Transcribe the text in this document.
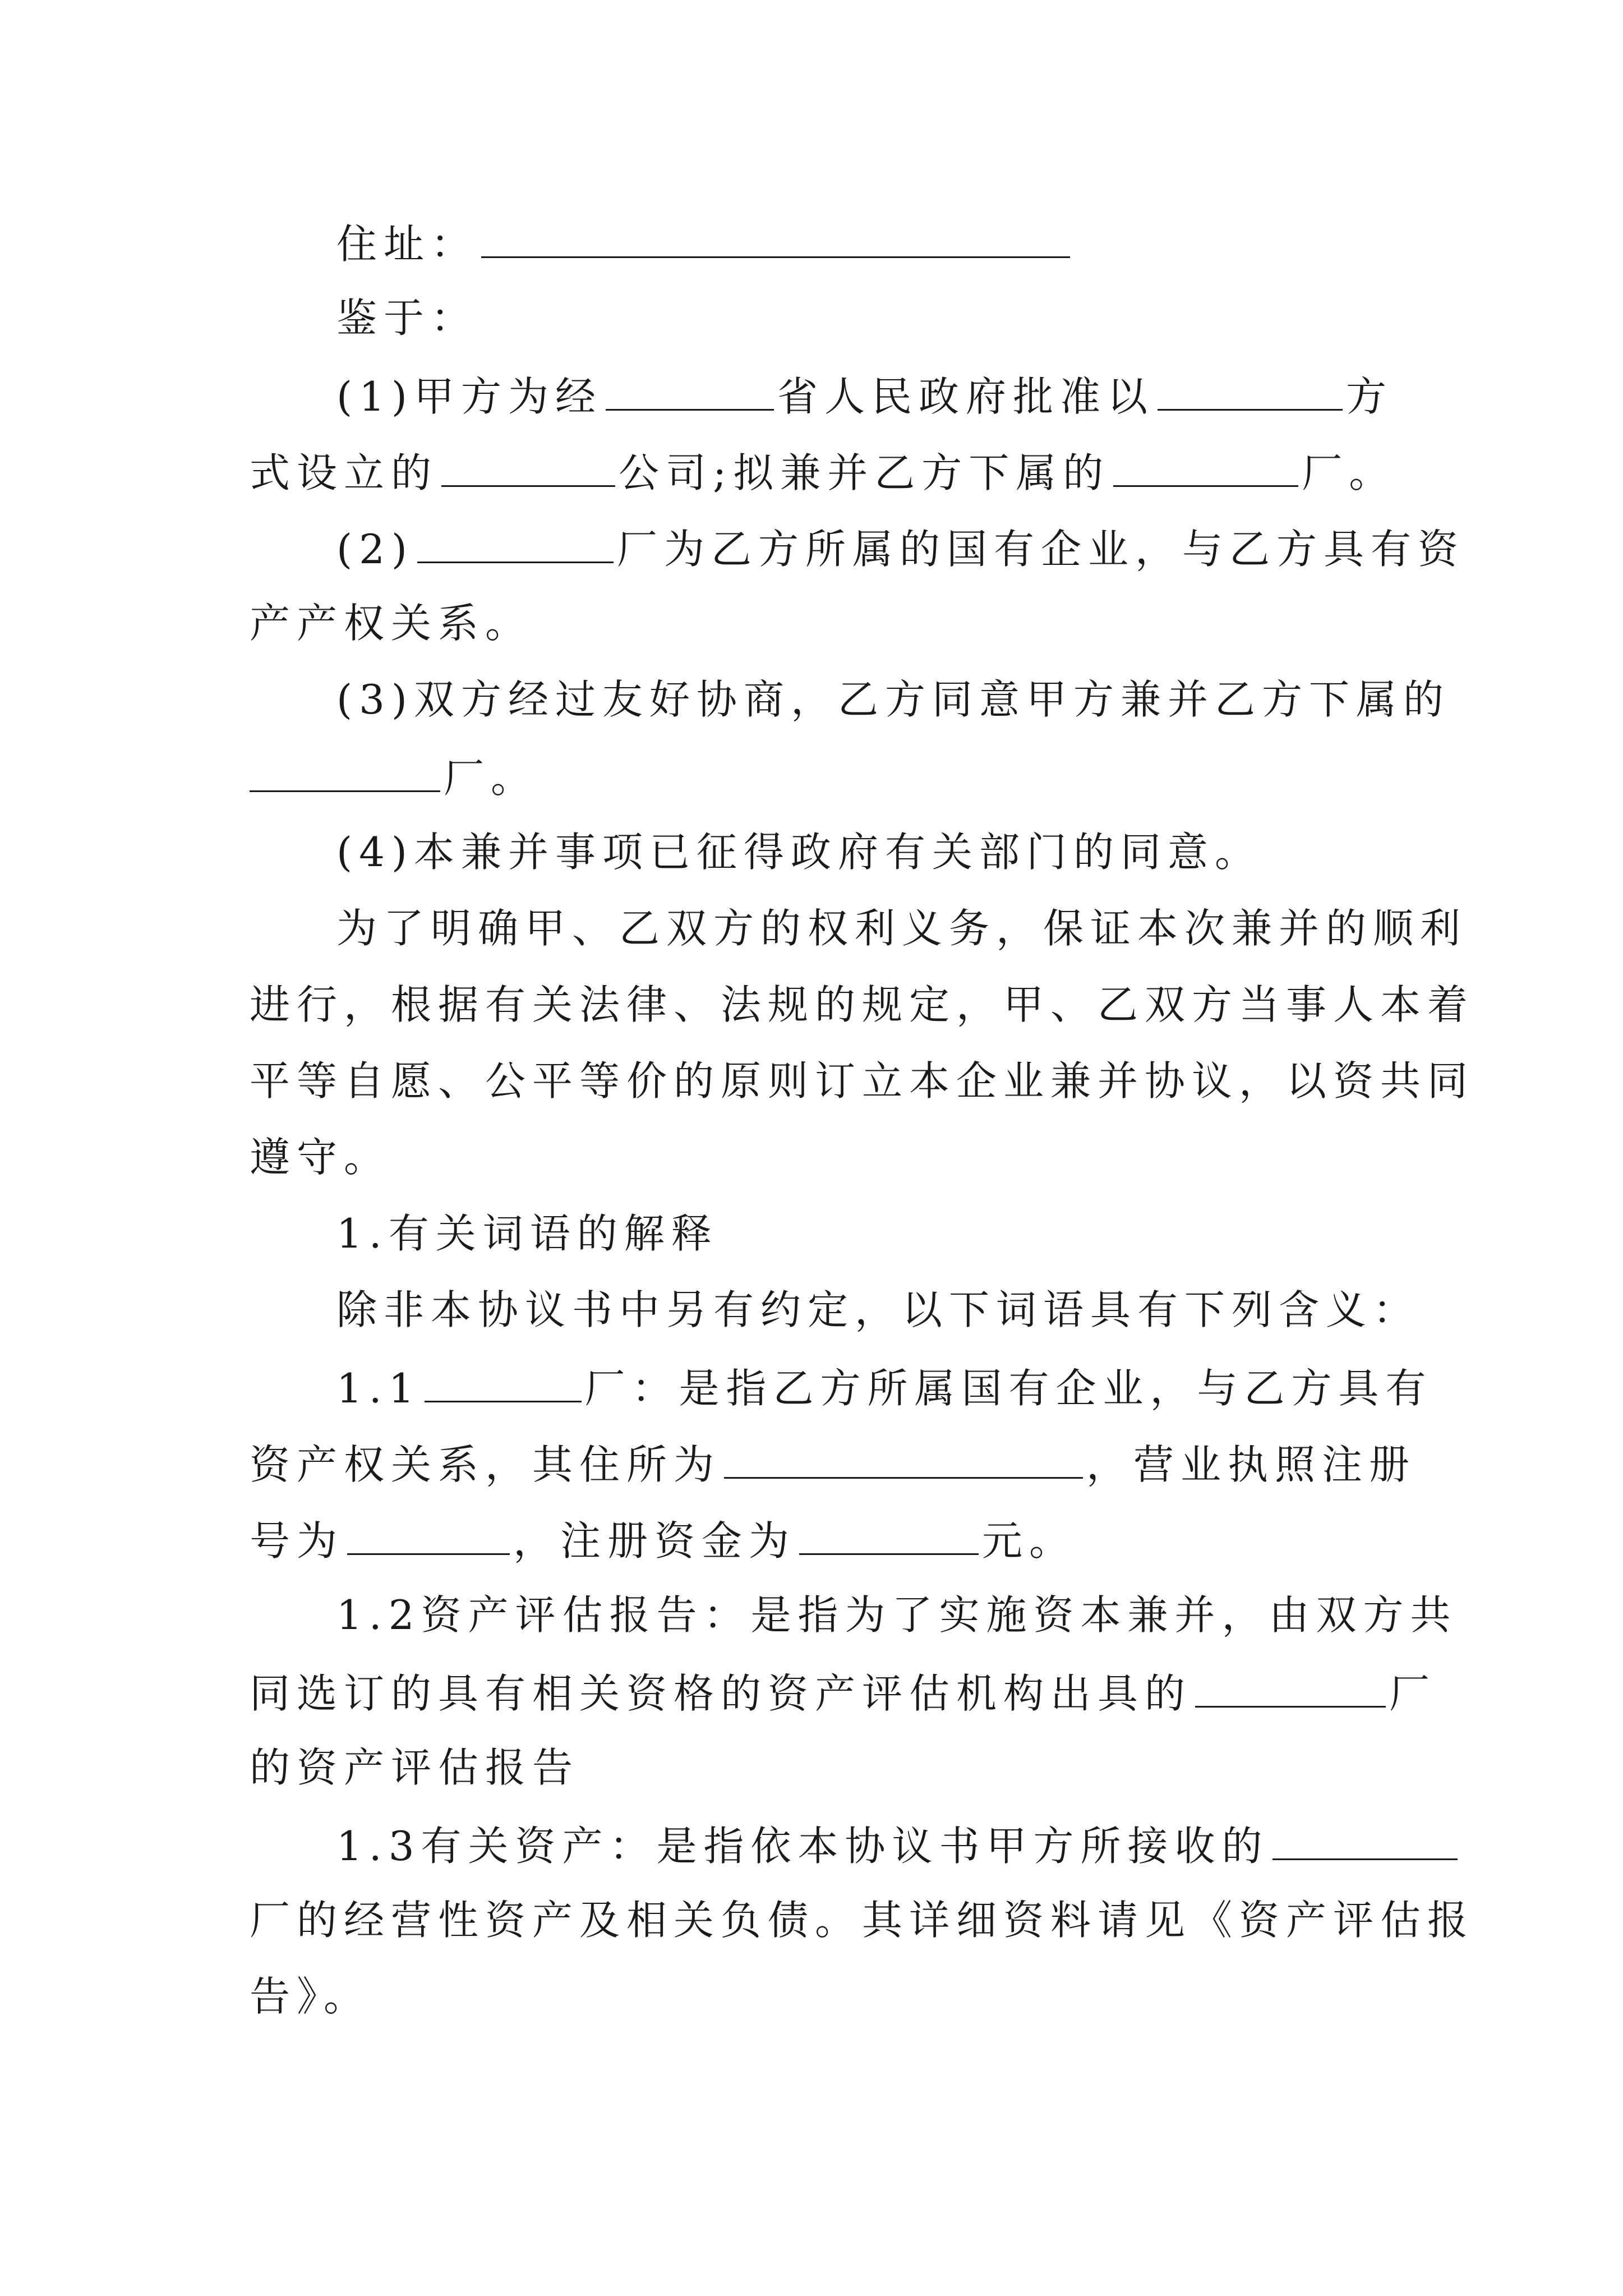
住址：
鉴于：
(1)甲方为经	省人民政府批准以	方
式设立的	公司;拟兼并乙方下属的	厂。
(2)	厂为乙方所属的国有企业，与乙方具有资
产产权关系。
(3)双方经过友好协商，乙方同意甲方兼并乙方下属的
厂。
(4)本兼并事项已征得政府有关部门的同意。
为了明确甲、乙双方的权利义务，保证本次兼并的顺利
进行，根据有关法律、法规的规定，甲、乙双方当事人本着
平等自愿、公平等价的原则订立本企业兼并协议，以资共同
遵守。
1.有关词语的解释
除非本协议书中另有约定，以下词语具有下列含义：
1.1	厂：是指乙方所属国有企业，与乙方具有
资产权关系，其住所为	，营业执照注册
号为	，注册资金为	元。
1.2资产评估报告：是指为了实施资本兼并，由双方共
同选订的具有相关资格的资产评估机构出具的	厂
的资产评估报告
1.3有关资产：是指依本协议书甲方所接收的
厂的经营性资产及相关负债。其详细资料请见《资产评估报
告》。
